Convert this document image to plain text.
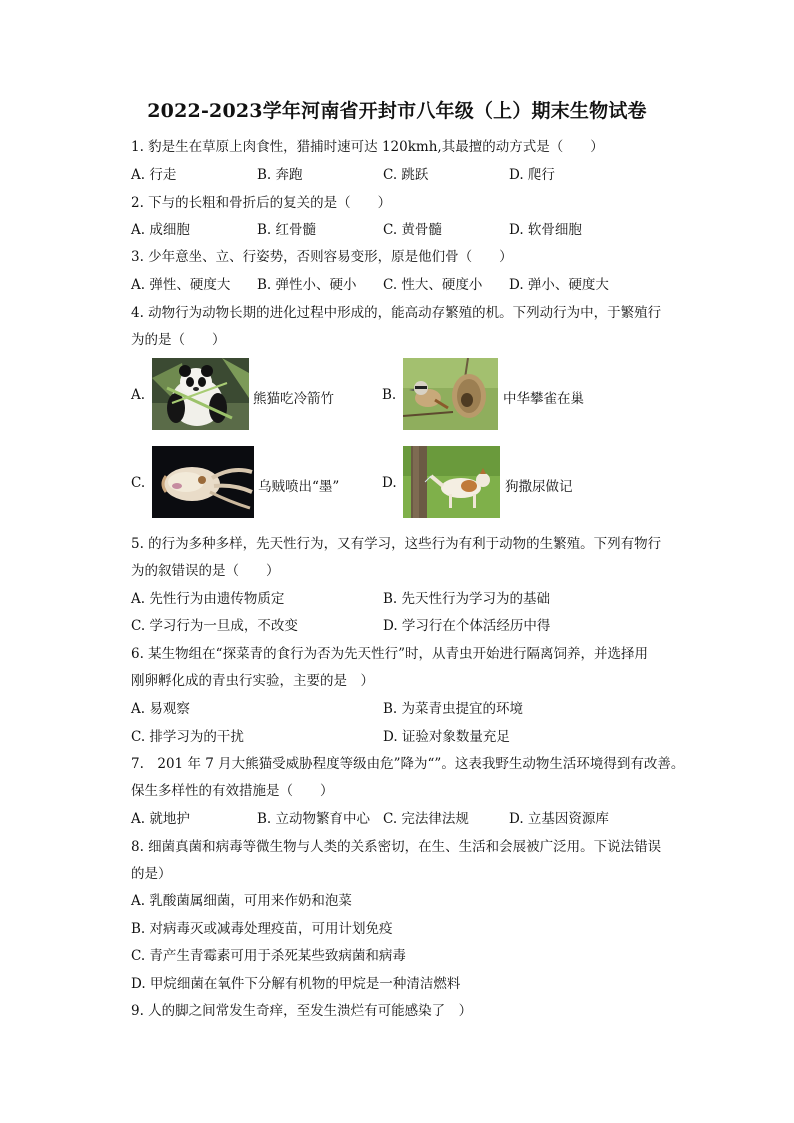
2022-2023学年河南省开封市八年级（上）期末生物试卷
1. 豹是生在草原上肉食性，猎捕时速可达 120kmh,其最擅的动方式是（　　）
A. 行走	B. 奔跑	C. 跳跃	D. 爬行
2. 下与的长粗和骨折后的复关的是（　　）
A. 成细胞	B. 红骨髓	C. 黄骨髓	D. 软骨细胞
3. 少年意坐、立、行姿势，否则容易变形，原是他们骨（　　）
A. 弹性、硬度大 B. 弹性小、硬小 C. 性大、硬度小 D. 弹小、硬度大
4. 动物行为动物长期的进化过程中形成的，能高动存繁殖的机。下列动行为中，于繁殖行
为的是（　　）
A.	熊猫吃冷箭竹	B.	中华攀雀在巢
C.	乌贼喷出“墨”	D.	狗撒尿做记
5. 的行为多种多样，先天性行为，又有学习，这些行为有利于动物的生繁殖。下列有物行
为的叙错误的是（　　）
A. 先性行为由遗传物质定	B. 先天性行为学习为的基础
C. 学习行为一旦成，不改变	D. 学习行在个体活经历中得
6. 某生物组在“探菜青的食行为否为先天性行”时，从青虫开始进行隔离饲养，并选择用
刚卵孵化成的青虫行实验，主要的是　）
A. 易观察	B. 为菜青虫提宜的环境
C. 排学习为的干扰	D. 证验对象数量充足
7.　201 年 7 月大熊猫受威胁程度等级由危”降为“”。这表我野生动物生活环境得到有改善。
保生多样性的有效措施是（　　）
A. 就地护	B. 立动物繁育中心 C. 完法律法规	D. 立基因资源库
8. 细菌真菌和病毒等微生物与人类的关系密切，在生、生活和会展被广泛用。下说法错误
的是）
A. 乳酸菌属细菌，可用来作奶和泡菜
B. 对病毒灭或减毒处理疫苗，可用计划免疫
C. 青产生青霉素可用于杀死某些致病菌和病毒
D. 甲烷细菌在氧件下分解有机物的甲烷是一种清洁燃料
9. 人的脚之间常发生奇痒，至发生溃烂有可能感染了　）
